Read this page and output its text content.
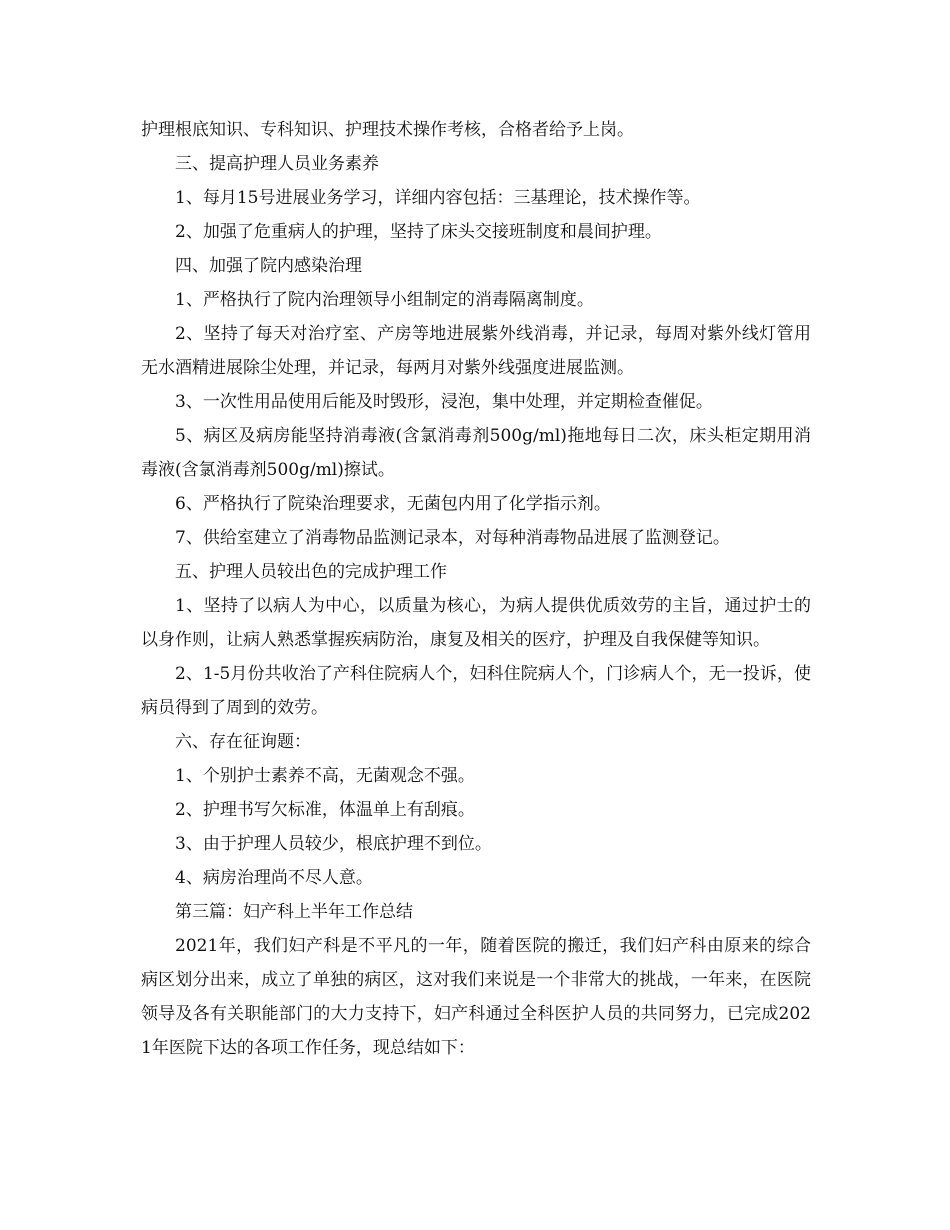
护理根底知识、专科知识、护理技术操作考核，合格者给予上岗。

三、提高护理人员业务素养

1、每月15号进展业务学习，详细内容包括：三基理论，技术操作等。

2、加强了危重病人的护理，坚持了床头交接班制度和晨间护理。

四、加强了院内感染治理

1、严格执行了院内治理领导小组制定的消毒隔离制度。

2、坚持了每天对治疗室、产房等地进展紫外线消毒，并记录，每周对紫外线灯管用无水酒精进展除尘处理，并记录，每两月对紫外线强度进展监测。

3、一次性用品使用后能及时毁形，浸泡，集中处理，并定期检查催促。

5、病区及病房能坚持消毒液(含氯消毒剂500g/ml)拖地每日二次，床头柜定期用消毒液(含氯消毒剂500g/ml)擦试。

6、严格执行了院染治理要求，无菌包内用了化学指示剂。

7、供给室建立了消毒物品监测记录本，对每种消毒物品进展了监测登记。

五、护理人员较出色的完成护理工作

1、坚持了以病人为中心，以质量为核心，为病人提供优质效劳的主旨，通过护士的以身作则，让病人熟悉掌握疾病防治，康复及相关的医疗，护理及自我保健等知识。

2、1-5月份共收治了产科住院病人个，妇科住院病人个，门诊病人个，无一投诉，使病员得到了周到的效劳。

六、存在征询题：

1、个别护士素养不高，无菌观念不强。

2、护理书写欠标准，体温单上有刮痕。

3、由于护理人员较少，根底护理不到位。

4、病房治理尚不尽人意。

第三篇：妇产科上半年工作总结

2021年，我们妇产科是不平凡的一年，随着医院的搬迁，我们妇产科由原来的综合病区划分出来，成立了单独的病区，这对我们来说是一个非常大的挑战，一年来，在医院领导及各有关职能部门的大力支持下，妇产科通过全科医护人员的共同努力，已完成2021年医院下达的各项工作任务，现总结如下：
